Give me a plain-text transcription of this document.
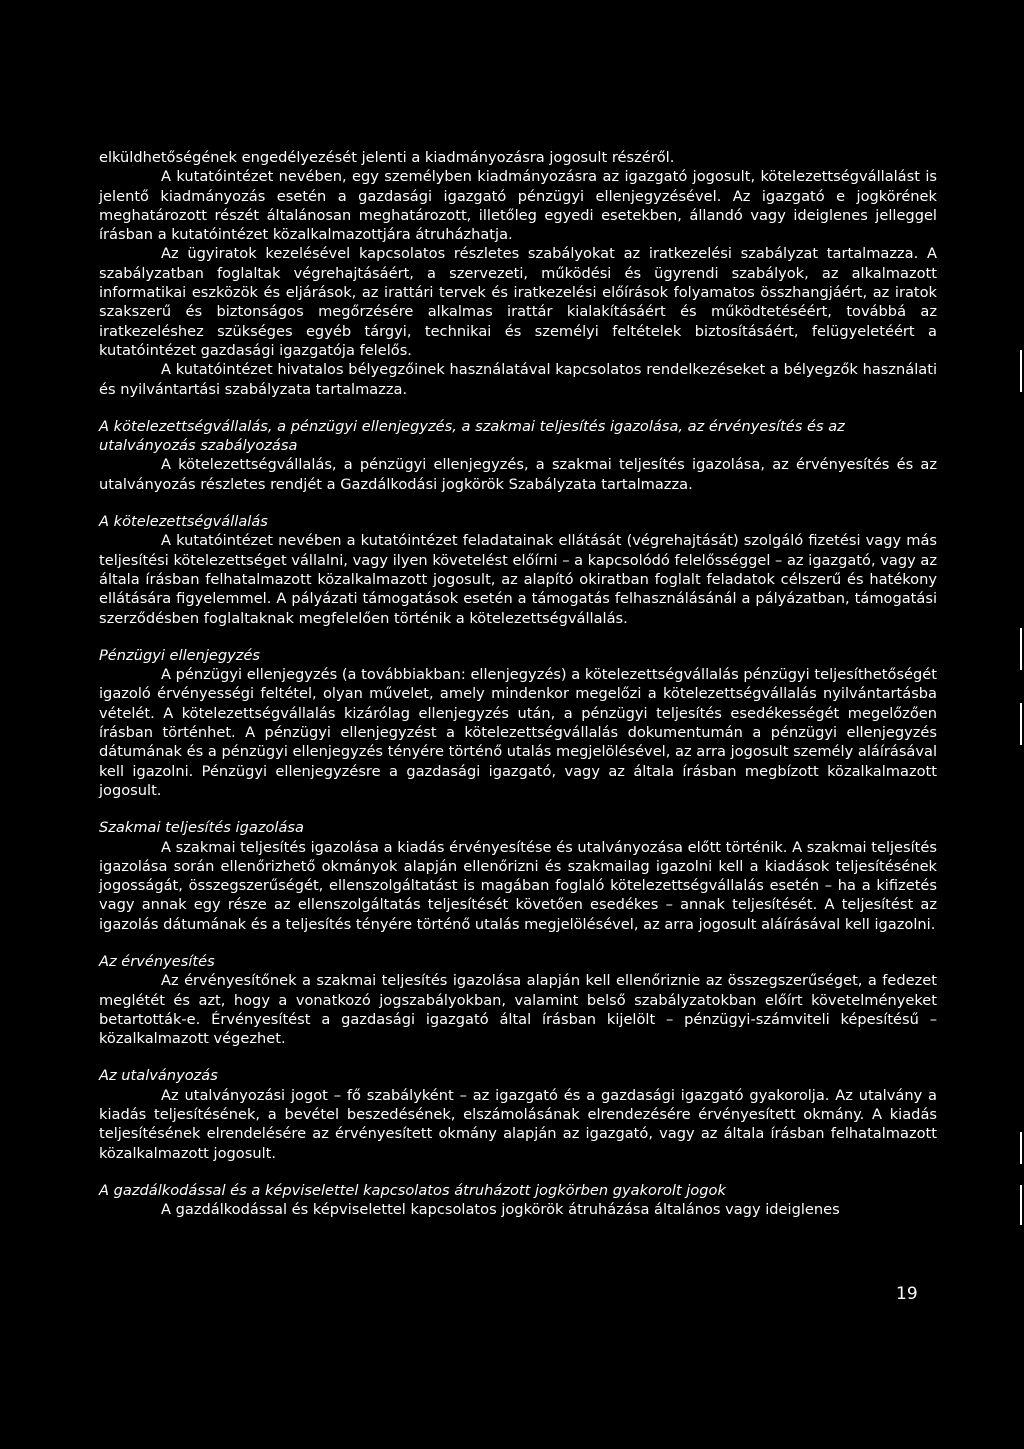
elküldhetőségének engedélyezését jelenti a kiadmányozásra jogosult részéről.

A kutatóintézet nevében, egy személyben kiadmányozásra az igazgató jogosult, kötelezettségvállalást is jelentő kiadmányozás esetén a gazdasági igazgató pénzügyi ellenjegyzésével. Az igazgató e jogkörének meghatározott részét általánosan meghatározott, illetőleg egyedi esetekben, állandó vagy ideiglenes jelleggel írásban a kutatóintézet közalkalmazottjára átruházhatja.

Az ügyiratok kezelésével kapcsolatos részletes szabályokat az iratkezelési szabályzat tartalmazza. A szabályzatban foglaltak végrehajtásáért, a szervezeti, működési és ügyrendi szabályok, az alkalmazott informatikai eszközök és eljárások, az irattári tervek és iratkezelési előírások folyamatos összhangjáért, az iratok szakszerű és biztonságos megőrzésére alkalmas irattár kialakításáért és működtetéséért, továbbá az iratkezeléshez szükséges egyéb tárgyi, technikai és személyi feltételek biztosításáért, felügyeletéért a kutatóintézet gazdasági igazgatója felelős.

A kutatóintézet hivatalos bélyegzőinek használatával kapcsolatos rendelkezéseket a bélyegzők használati és nyilvántartási szabályzata tartalmazza.

A kötelezettségvállalás, a pénzügyi ellenjegyzés, a szakmai teljesítés igazolása, az érvényesítés és az utalványozás szabályozása

A kötelezettségvállalás, a pénzügyi ellenjegyzés, a szakmai teljesítés igazolása, az érvényesítés és az utalványozás részletes rendjét a Gazdálkodási jogkörök Szabályzata tartalmazza.

A kötelezettségvállalás

A kutatóintézet nevében a kutatóintézet feladatainak ellátását (végrehajtását) szolgáló fizetési vagy más teljesítési kötelezettséget vállalni, vagy ilyen követelést előírni – a kapcsolódó felelősséggel – az igazgató, vagy az általa írásban felhatalmazott közalkalmazott jogosult, az alapító okiratban foglalt feladatok célszerű és hatékony ellátására figyelemmel. A pályázati támogatások esetén a támogatás felhasználásánál a pályázatban, támogatási szerződésben foglaltaknak megfelelően történik a kötelezettségvállalás.

Pénzügyi ellenjegyzés

A pénzügyi ellenjegyzés (a továbbiakban: ellenjegyzés) a kötelezettségvállalás pénzügyi teljesíthetőségét igazoló érvényességi feltétel, olyan művelet, amely mindenkor megelőzi a kötelezettségvállalás nyilvántartásba vételét. A kötelezettségvállalás kizárólag ellenjegyzés után, a pénzügyi teljesítés esedékességét megelőzően írásban történhet. A pénzügyi ellenjegyzést a kötelezettségvállalás dokumentumán a pénzügyi ellenjegyzés dátumának és a pénzügyi ellenjegyzés tényére történő utalás megjelölésével, az arra jogosult személy aláírásával kell igazolni. Pénzügyi ellenjegyzésre a gazdasági igazgató, vagy az általa írásban megbízott közalkalmazott jogosult.

Szakmai teljesítés igazolása

A szakmai teljesítés igazolása a kiadás érvényesítése és utalványozása előtt történik. A szakmai teljesítés igazolása során ellenőrizhető okmányok alapján ellenőrizni és szakmailag igazolni kell a kiadások teljesítésének jogosságát, összegszerűségét, ellenszolgáltatást is magában foglaló kötelezettségvállalás esetén – ha a kifizetés vagy annak egy része az ellenszolgáltatás teljesítését követően esedékes – annak teljesítését. A teljesítést az igazolás dátumának és a teljesítés tényére történő utalás megjelölésével, az arra jogosult aláírásával kell igazolni.

Az érvényesítés

Az érvényesítőnek a szakmai teljesítés igazolása alapján kell ellenőriznie az összegszerűséget, a fedezet meglétét és azt, hogy a vonatkozó jogszabályokban, valamint belső szabályzatokban előírt követelményeket betartották-e. Érvényesítést a gazdasági igazgató által írásban kijelölt – pénzügyi-számviteli képesítésű – közalkalmazott végezhet.

Az utalványozás

Az utalványozási jogot – fő szabályként – az igazgató és a gazdasági igazgató gyakorolja. Az utalvány a kiadás teljesítésének, a bevétel beszedésének, elszámolásának elrendezésére érvényesített okmány. A kiadás teljesítésének elrendelésére az érvényesített okmány alapján az igazgató, vagy az általa írásban felhatalmazott közalkalmazott jogosult.

A gazdálkodással és a képviselettel kapcsolatos átruházott jogkörben gyakorolt jogok

A gazdálkodással és képviselettel kapcsolatos jogkörök átruházása általános vagy ideiglenes

19
